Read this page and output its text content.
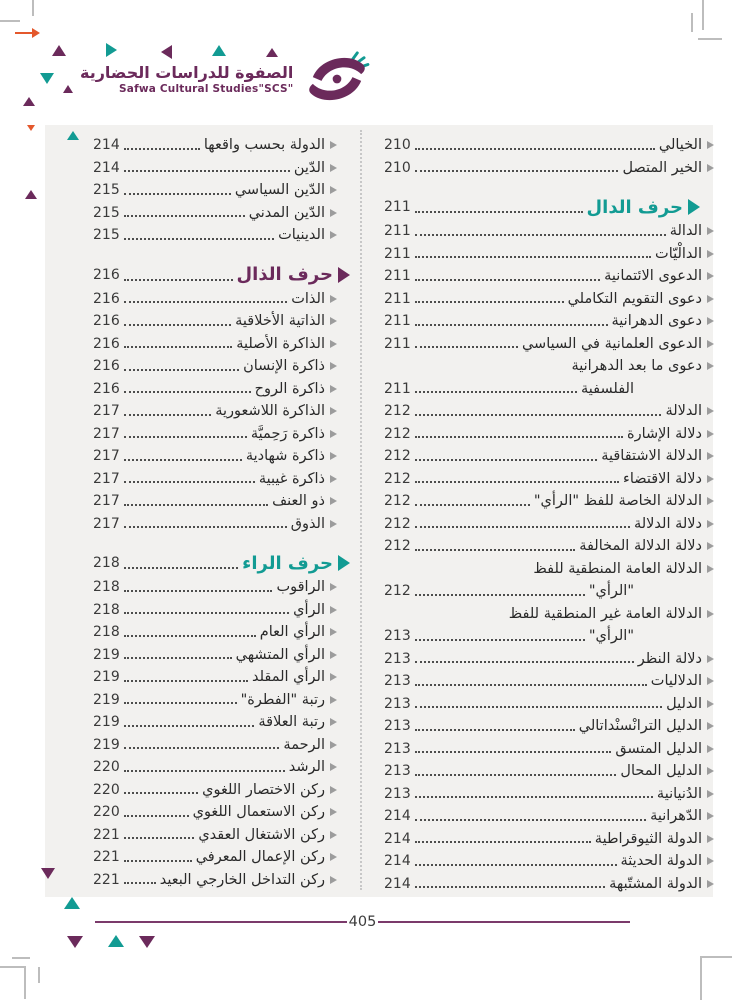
الصفوة للدراسات الحضارية
Safwa Cultural Studies"SCS"
الخيالي
210
الخير المتصل
210
حرف الدال
211
الدالة
211
الدالْيّات
211
الدعوى الائتمانية
211
دعوى التقويم التكاملي
211
دعوى الدهرانية
211
الدعوى العلمانية في السياسي
211
دعوى ما بعد الدهرانية
الفلسفية
211
الدلالة
212
دلالة الإشارة
212
الدلالة الاشتقاقية
212
دلالة الاقتضاء
212
الدلالة الخاصة للفظ "الرأي"
212
دلالة الدلالة
212
دلالة الدلالة المخالفة
212
الدلالة العامة المنطقية للفظ
"الرأي"
212
الدلالة العامة غير المنطقية للفظ
"الرأي"
213
دلالة النظر
213
الدلاليات
213
الدليل
213
الدليل الترانْسنْداتالي
213
الدليل المتسق
213
الدليل المحال
213
الدُنيانية
213
الدّهرانية
214
الدولة الثيوقراطية
214
الدولة الحديثة
214
الدولة المشتّبهة
214
الدولة بحسب واقعها
214
الدّين
214
الدّين السياسي
215
الدّين المدني
215
الدينيات
215
حرف الذال
216
الذات
216
الذاتية الأخلاقية
216
الذاكرة الأصلية
216
ذاكرة الإنسان
216
ذاكرة الروح
216
الذاكرة اللاشعورية
217
ذاكرة رَحِميَّة
217
ذاكرة شهادية
217
ذاكرة غيبية
217
ذو العنف
217
الذوق
217
حرف الراء
218
الراقوب
218
الرأي
218
الرأي العام
218
الرأي المتشهي
219
الرأي المقلد
219
رتبة "الفطرة"
219
رتبة العلاقة
219
الرحمة
219
الرشد
220
ركن الاختصار اللغوي
220
ركن الاستعمال اللغوي
220
ركن الاشتغال العقدي
221
ركن الإعمال المعرفي
221
ركن التداخل الخارجي البعيد
221
405
